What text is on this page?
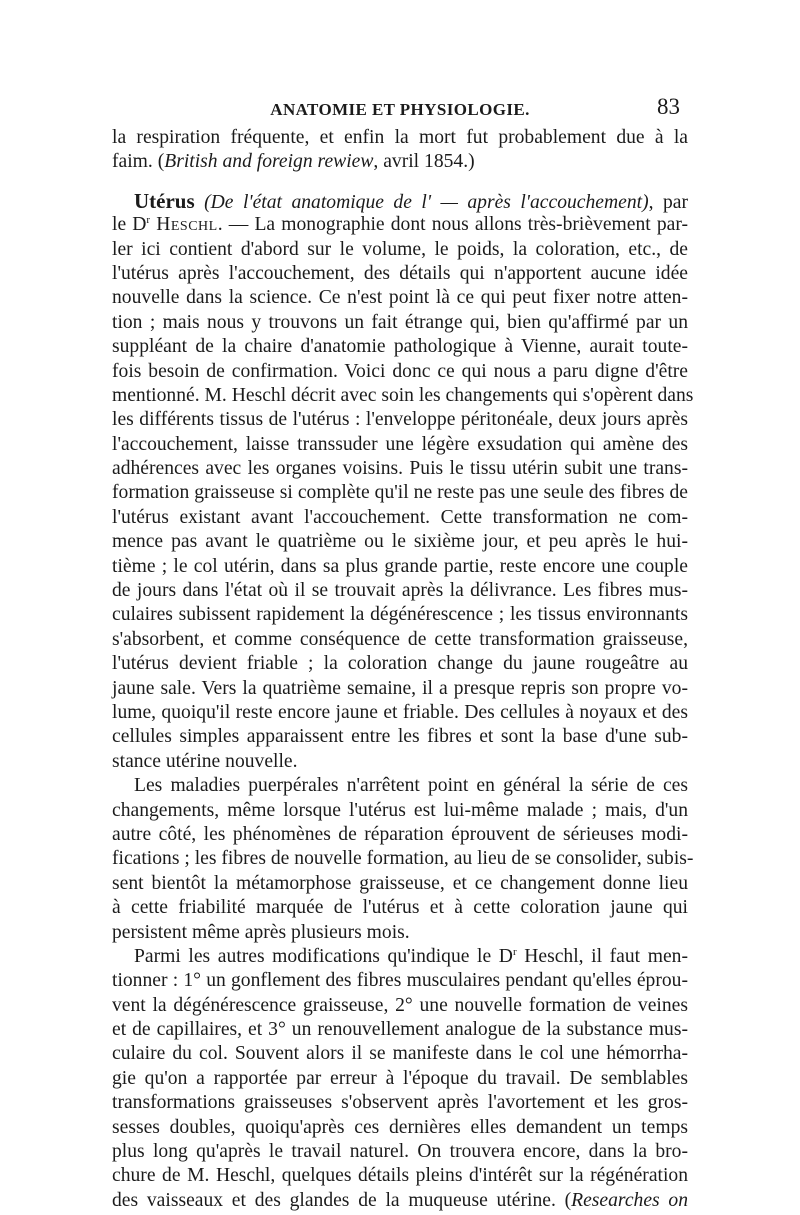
ANATOMIE ET PHYSIOLOGIE.	83
la respiration fréquente, et enfin la mort fut probablement due à la
faim. (British and foreign rewiew, avril 1854.)
Utérus (De l'état anatomique de l' — après l'accouchement), par
le $D^r$ Heschl. — La monographie dont nous allons très-brièvement par-
ler ici contient d'abord sur le volume, le poids, la coloration, etc., de
l'utérus après l'accouchement, des détails qui n'apportent aucune idée
nouvelle dans la science. Ce n'est point là ce qui peut fixer notre atten-
tion ; mais nous y trouvons un fait étrange qui, bien qu'affirmé par un
suppléant de la chaire d'anatomie pathologique à Vienne, aurait toute-
fois besoin de confirmation. Voici donc ce qui nous a paru digne d'être
mentionné. M. Heschl décrit avec soin les changements qui s'opèrent dans
les différents tissus de l'utérus : l'enveloppe péritonéale, deux jours après
l'accouchement, laisse transsuder une légère exsudation qui amène des
adhérences avec les organes voisins. Puis le tissu utérin subit une trans-
formation graisseuse si complète qu'il ne reste pas une seule des fibres de
l'utérus existant avant l'accouchement. Cette transformation ne com-
mence pas avant le quatrième ou le sixième jour, et peu après le hui-
tième ; le col utérin, dans sa plus grande partie, reste encore une couple
de jours dans l'état où il se trouvait après la délivrance. Les fibres mus-
culaires subissent rapidement la dégénérescence ; les tissus environnants
s'absorbent, et comme conséquence de cette transformation graisseuse,
l'utérus devient friable ; la coloration change du jaune rougeâtre au
jaune sale. Vers la quatrième semaine, il a presque repris son propre vo-
lume, quoiqu'il reste encore jaune et friable. Des cellules à noyaux et des
cellules simples apparaissent entre les fibres et sont la base d'une sub-
stance utérine nouvelle.
Les maladies puerpérales n'arrêtent point en général la série de ces
changements, même lorsque l'utérus est lui-même malade ; mais, d'un
autre côté, les phénomènes de réparation éprouvent de sérieuses modi-
fications ; les fibres de nouvelle formation, au lieu de se consolider, subis-
sent bientôt la métamorphose graisseuse, et ce changement donne lieu
à cette friabilité marquée de l'utérus et à cette coloration jaune qui
persistent même après plusieurs mois.
Parmi les autres modifications qu'indique le $D^r$ Heschl, il faut men-
tionner : 1° un gonflement des fibres musculaires pendant qu'elles éprou-
vent la dégénérescence graisseuse, 2° une nouvelle formation de veines
et de capillaires, et 3° un renouvellement analogue de la substance mus-
culaire du col. Souvent alors il se manifeste dans le col une hémorrha-
gie qu'on a rapportée par erreur à l'époque du travail. De semblables
transformations graisseuses s'observent après l'avortement et les gros-
sesses doubles, quoiqu'après ces dernières elles demandent un temps
plus long qu'après le travail naturel. On trouvera encore, dans la bro-
chure de M. Heschl, quelques détails pleins d'intérêt sur la régénération
des vaisseaux et des glandes de la muqueuse utérine. (Researches on
